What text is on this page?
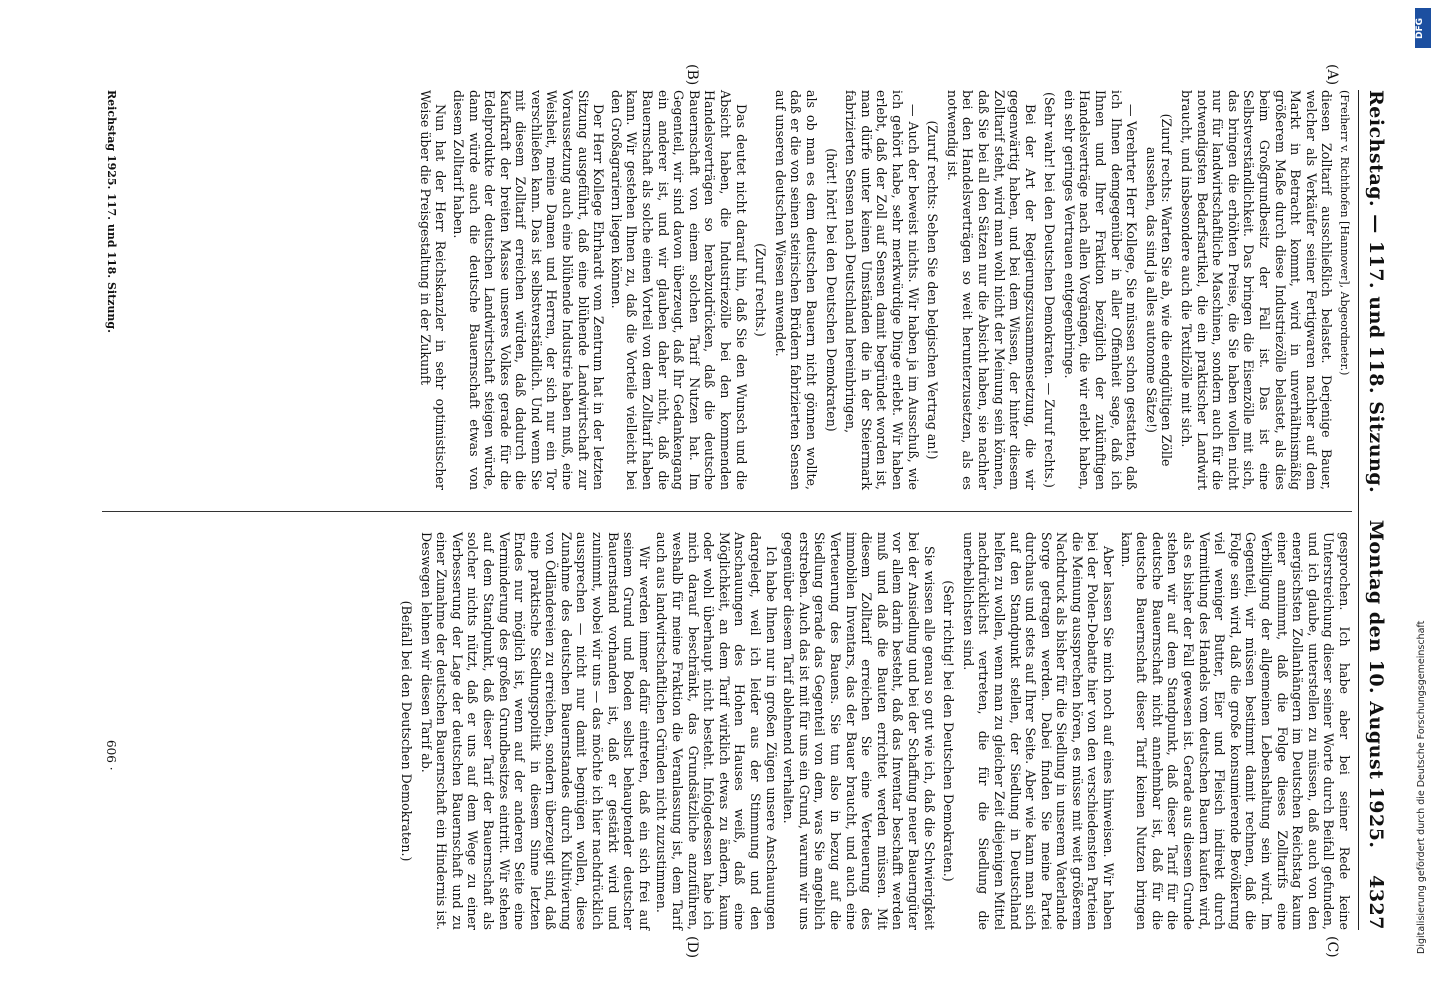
Reichstag. — 117. und 118. Sitzung.
Montag den 10. August 1925.
4327
(A)
(B)
(C)
(D)

(Freiherr v. Richthofen [Hannover], Abgeordneter.)

diesen Zolltarif ausschließlich belastet. Derjenige Bauer, welcher als Verkäufer seiner Fertigwaren nachher auf dem Markt in Betracht kommt, wird in unverhältnismäßig größerem Maße durch diese Industriezölle belastet, als dies beim Großgrundbesitz der Fall ist. Das ist eine Selbstverständlichkeit. Das bringen die Eisenzölle mit sich, das bringen die erhöhten Preise, die Sie haben wollen nicht nur für landwirtschaftliche Maschinen, sondern auch für die notwendigsten Bedarfsartikel, die ein praktischer Landwirt braucht, und insbesondere auch die Textilzölle mit sich.

(Zuruf rechts: Warten Sie ab, wie die endgültigen Zölle aussehen, das sind ja alles autonome Sätze!)

— Verehrter Herr Kollege, Sie müssen schon gestatten, daß ich Ihnen demgegenüber in aller Offenheit sage, daß ich Ihnen und Ihrer Fraktion bezüglich der zukünftigen Handelsverträge nach allen Vorgängen, die wir erlebt haben, ein sehr geringes Vertrauen entgegenbringe.

(Sehr wahr! bei den Deutschen Demokraten. — Zuruf rechts.)

Bei der Art der Regierungszusammensetzung, die wir gegenwärtig haben, und bei dem Wissen, der hinter diesem Zolltarif steht, wird man wohl nicht der Meinung sein können, daß Sie bei all den Sätzen nur die Absicht haben, sie nachher bei den Handelsverträgen so weit herunterzusetzen, als es notwendig ist.

(Zuruf rechts: Sehen Sie den belgischen Vertrag an!)

— Auch der beweist nichts. Wir haben ja im Ausschuß, wie ich gehört habe, sehr merkwürdige Dinge erlebt. Wir haben erlebt, daß der Zoll auf Sensen damit begründet worden ist, man dürfe unter keinen Umständen die in der Steiermark fabrizierten Sensen nach Deutschland hereinbringen,

(hört! hört! bei den Deutschen Demokraten)

als ob man es dem deutschen Bauern nicht gönnen wollte, daß er die von seinen steirischen Brüdern fabrizierten Sensen auf unseren deutschen Wiesen anwendet.

(Zuruf rechts.)

Das deutet nicht darauf hin, daß Sie den Wunsch und die Absicht haben, die Industriezölle bei den kommenden Handelsverträgen so herabzudrücken, daß die deutsche Bauernschaft von einem solchen Tarif Nutzen hat. Im Gegenteil, wir sind davon überzeugt, daß Ihr Gedankengang ein anderer ist, und wir glauben daher nicht, daß die Bauernschaft als solche einen Vorteil von dem Zolltarif haben kann. Wir gestehen Ihnen zu, daß die Vorteile vielleicht bei den Großagrariern liegen können.

Der Herr Kollege Ehrhardt vom Zentrum hat in der letzten Sitzung ausgeführt, daß eine blühende Landwirtschaft zur Voraussetzung auch eine blühende Industrie haben muß, eine Weisheit, meine Damen und Herren, der sich nur ein Tor verschließen kann. Das ist selbstverständlich. Und wenn Sie mit diesem Zolltarif erreichen würden, daß dadurch die Kaufkraft der breiten Masse unseres Volkes gerade für die Edelprodukte der deutschen Landwirtschaft steigen würde, dann würde auch die deutsche Bauernschaft etwas von diesem Zolltarif haben.

Nun hat der Herr Reichskanzler in sehr optimistischer Weise über die Preisgestaltung in der Zukunft

gesprochen. Ich habe aber bei seiner Rede keine Unterstreichung dieser seiner Worte durch Beifall gefunden, und ich glaube, unterstellen zu müssen, daß auch von den energischsten Zollanhängern im Deutschen Reichstag kaum einer annimmt, daß die Folge dieses Zolltarifs eine Verbilligung der allgemeinen Lebenshaltung sein wird. Im Gegenteil, wir müssen bestimmt damit rechnen, daß die Folge sein wird, daß die große konsumierende Bevölkerung viel weniger Butter, Eier und Fleisch indirekt durch Vermittlung des Handels vom deutschen Bauern kaufen wird, als es bisher der Fall gewesen ist. Gerade aus diesem Grunde stehen wir auf dem Standpunkt, daß dieser Tarif für die deutsche Bauernschaft nicht annehmbar ist, daß für die deutsche Bauernschaft dieser Tarif keinen Nutzen bringen kann.

Aber lassen Sie mich noch auf eines hinweisen. Wir haben bei der Polen-Debatte hier von den verschiedensten Parteien die Meinung aussprechen hören, es müsse mit weit größerem Nachdruck als bisher für die Siedlung in unserem Vaterlande Sorge getragen werden. Dabei finden Sie meine Partei durchaus und stets auf Ihrer Seite. Aber wie kann man sich auf den Standpunkt stellen, der Siedlung in Deutschland helfen zu wollen, wenn man zu gleicher Zeit diejenigen Mittel nachdrücklichst vertreten, die für die Siedlung die unerheblichsten sind.

(Sehr richtig! bei den Deutschen Demokraten.)

Sie wissen alle genau so gut wie ich, daß die Schwierigkeit bei der Ansiedlung und bei der Schaffung neuer Bauerngüter vor allem darin besteht, daß das Inventar beschafft werden muß und daß die Bauten errichtet werden müssen. Mit diesem Zolltarif erreichen Sie eine Verteuerung des immobilen Inventars, das der Bauer braucht, und auch eine Verteuerung des Bauens. Sie tun also in bezug auf die Siedlung gerade das Gegenteil von dem, was Sie angeblich erstreben. Auch das ist mit für uns ein Grund, warum wir uns gegenüber diesem Tarif ablehnend verhalten.

Ich habe Ihnen nur in großen Zügen unsere Anschauungen dargelegt, weil ich leider aus der Stimmung und den Anschauungen des Hohen Hauses weiß, daß eine Möglichkeit, an dem Tarif wirklich etwas zu ändern, kaum oder wohl überhaupt nicht besteht. Infolgedessen habe ich mich darauf beschränkt, das Grundsätzliche anzuführen, weshalb für meine Fraktion die Veranlassung ist, dem Tarif auch aus landwirtschaftlichen Gründen nicht zuzustimmen.

Wir werden immer dafür eintreten, daß ein sich frei auf seinem Grund und Boden selbst behauptender deutscher Bauernstand vorhanden ist, daß er gestärkt wird und zunimmt, wobei wir uns — das möchte ich hier nachdrücklich aussprechen — nicht nur damit begnügen wollen, diese Zunahme des deutschen Bauernstandes durch Kultivierung von Ödländereien zu erreichen, sondern überzeugt sind, daß eine praktische Siedlungspolitik in diesem Sinne letzten Endes nur möglich ist, wenn auf der anderen Seite eine Verminderung des großen Grundbesitzes eintritt. Wir stehen auf dem Standpunkt, daß dieser Tarif der Bauernschaft als solcher nichts nützt, daß er uns auf dem Wege zu einer Verbesserung der Lage der deutschen Bauernschaft und zu einer Zunahme der deutschen Bauernschaft ein Hindernis ist. Deswegen lehnen wir diesen Tarif ab.

(Beifall bei den Deutschen Demokraten.)

Reichstag 1925. 117. und 118. Sitzung.
606 ·
DFG
Digitalisierung gefördert durch die Deutsche Forschungsgemeinschaft
